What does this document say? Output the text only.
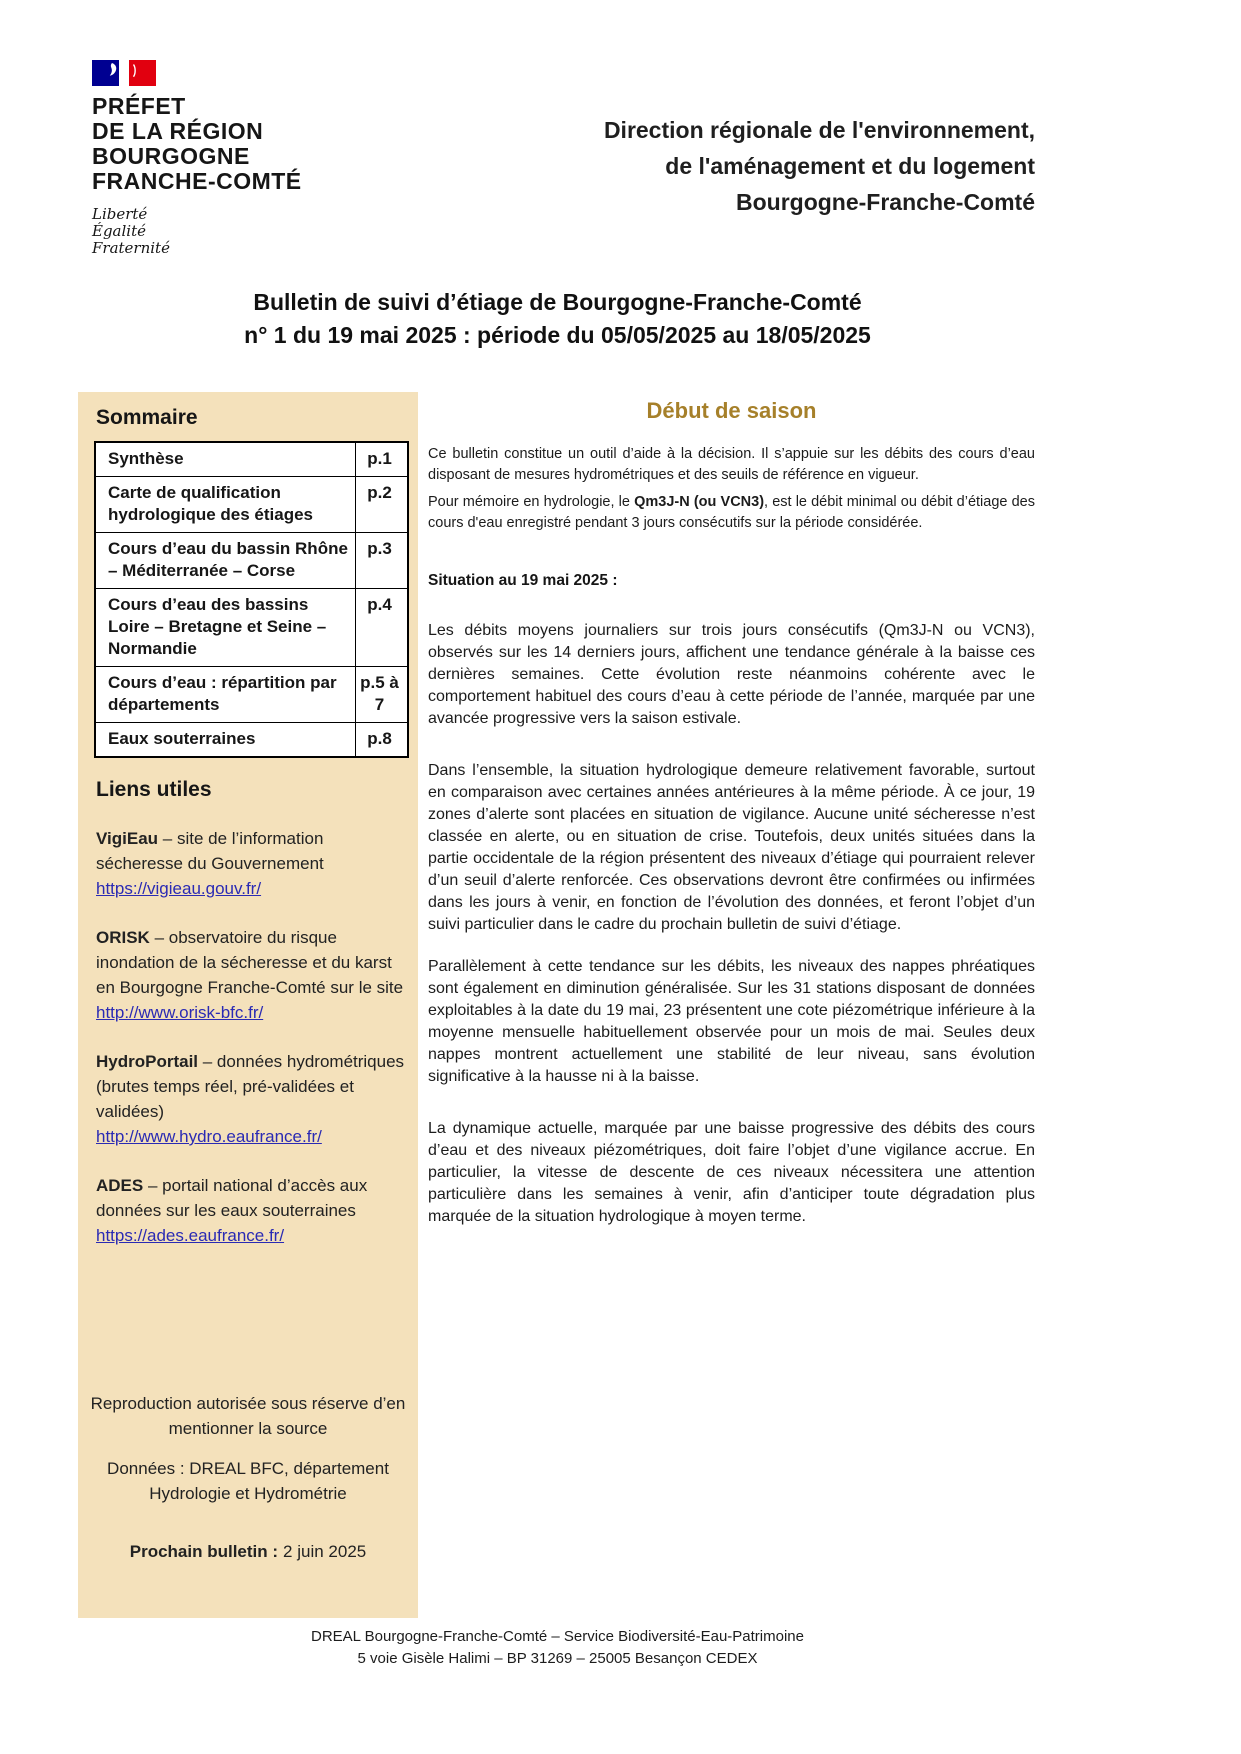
PRÉFET
DE LA RÉGION
BOURGOGNE
FRANCHE-COMTÉ
Liberté
Égalité
Fraternité
Direction régionale de l'environnement,
de l'aménagement et du logement
Bourgogne-Franche-Comté
Bulletin de suivi d’étiage de Bourgogne-Franche-Comté
n° 1 du 19 mai 2025 : période du 05/05/2025 au 18/05/2025
Sommaire
Synthèse	p.1
Carte de qualification hydrologique des étiages
p.2
Cours d’eau du bassin Rhône – Méditerranée – Corse
p.3
Cours d’eau des bassins Loire – Bretagne et Seine – Normandie
p.4
Cours d’eau : répartition par départements
p.5 à 7
Eaux souterraines	p.8
Liens utiles
VigiEau – site de l’information sécheresse du Gouvernement
https://vigieau.gouv.fr/
ORISK – observatoire du risque inondation de la sécheresse et du karst en Bourgogne Franche-Comté sur le site
http://www.orisk-bfc.fr/
HydroPortail – données hydrométriques (brutes temps réel, pré-validées et validées)
http://www.hydro.eaufrance.fr/
ADES – portail national d’accès aux données sur les eaux souterraines
https://ades.eaufrance.fr/
Reproduction autorisée sous réserve d’en
mentionner la source
Données : DREAL BFC, département
Hydrologie et Hydrométrie
Prochain bulletin : 2 juin 2025
Début de saison

Ce bulletin constitue un outil d’aide à la décision. Il s’appuie sur les débits des cours d’eau disposant de mesures hydrométriques et des seuils de référence en vigueur.

Pour mémoire en hydrologie, le Qm3J-N (ou VCN3), est le débit minimal ou débit d’étiage des cours d'eau enregistré pendant 3 jours consécutifs sur la période considérée.

Situation au 19 mai 2025 :

Les débits moyens journaliers sur trois jours consécutifs (Qm3J-N ou VCN3), observés sur les 14 derniers jours, affichent une tendance générale à la baisse ces dernières semaines. Cette évolution reste néanmoins cohérente avec le comportement habituel des cours d’eau à cette période de l’année, marquée par une avancée progressive vers la saison estivale.

Dans l’ensemble, la situation hydrologique demeure relativement favorable, surtout en comparaison avec certaines années antérieures à la même période. À ce jour, 19 zones d’alerte sont placées en situation de vigilance. Aucune unité sécheresse n’est classée en alerte, ou en situation de crise. Toutefois, deux unités situées dans la partie occidentale de la région présentent des niveaux d’étiage qui pourraient relever d’un seuil d’alerte renforcée. Ces observations devront être confirmées ou infirmées dans les jours à venir, en fonction de l’évolution des données, et feront l’objet d’un suivi particulier dans le cadre du prochain bulletin de suivi d’étiage.

Parallèlement à cette tendance sur les débits, les niveaux des nappes phréatiques sont également en diminution généralisée. Sur les 31 stations disposant de données exploitables à la date du 19 mai, 23 présentent une cote piézométrique inférieure à la moyenne mensuelle habituellement observée pour un mois de mai. Seules deux nappes montrent actuellement une stabilité de leur niveau, sans évolution significative à la hausse ni à la baisse.

La dynamique actuelle, marquée par une baisse progressive des débits des cours d’eau et des niveaux piézométriques, doit faire l’objet d’une vigilance accrue. En particulier, la vitesse de descente de ces niveaux nécessitera une attention particulière dans les semaines à venir, afin d’anticiper toute dégradation plus marquée de la situation hydrologique à moyen terme.

DREAL Bourgogne-Franche-Comté – Service Biodiversité-Eau-Patrimoine
5 voie Gisèle Halimi – BP 31269 – 25005 Besançon CEDEX
